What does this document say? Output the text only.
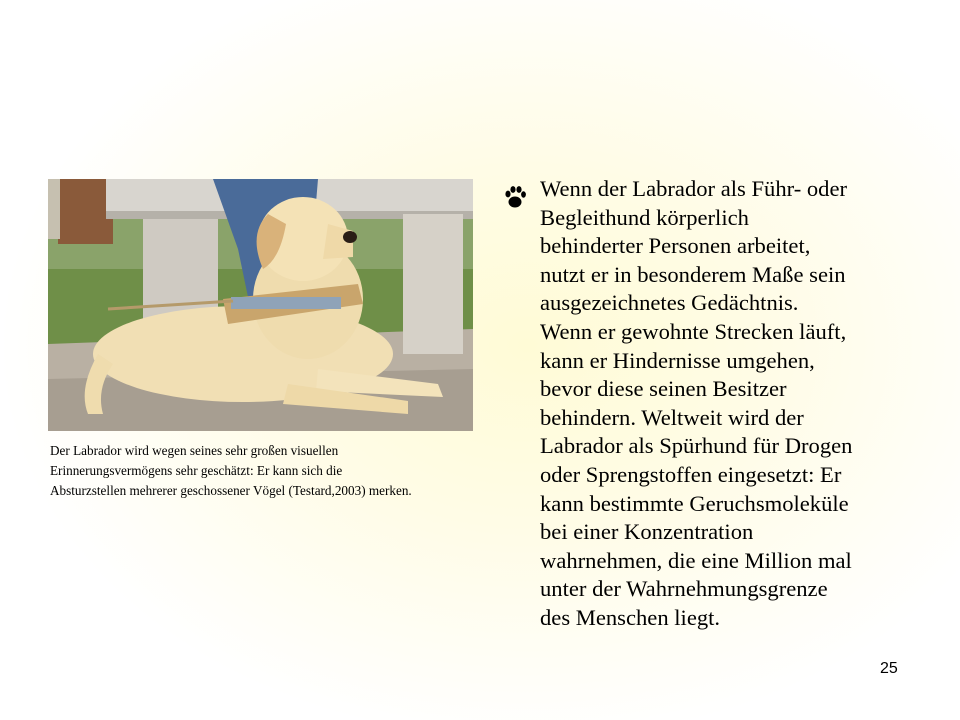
Der Labrador wird wegen seines sehr großen visuellen
Erinnerungsvermögens sehr geschätzt: Er kann sich die
Absturzstellen mehrerer geschossener Vögel (Testard,2003) merken.
Wenn der Labrador als Führ- oder
Begleithund körperlich
behinderter Personen arbeitet,
nutzt er in besonderem Maße sein
ausgezeichnetes Gedächtnis.
Wenn er gewohnte Strecken läuft,
kann er Hindernisse umgehen,
bevor diese seinen Besitzer
behindern. Weltweit wird der
Labrador als Spürhund für Drogen
oder Sprengstoffen eingesetzt: Er
kann bestimmte Geruchsmoleküle
bei einer Konzentration
wahrnehmen, die eine Million mal
unter der Wahrnehmungsgrenze
des Menschen liegt.
25
